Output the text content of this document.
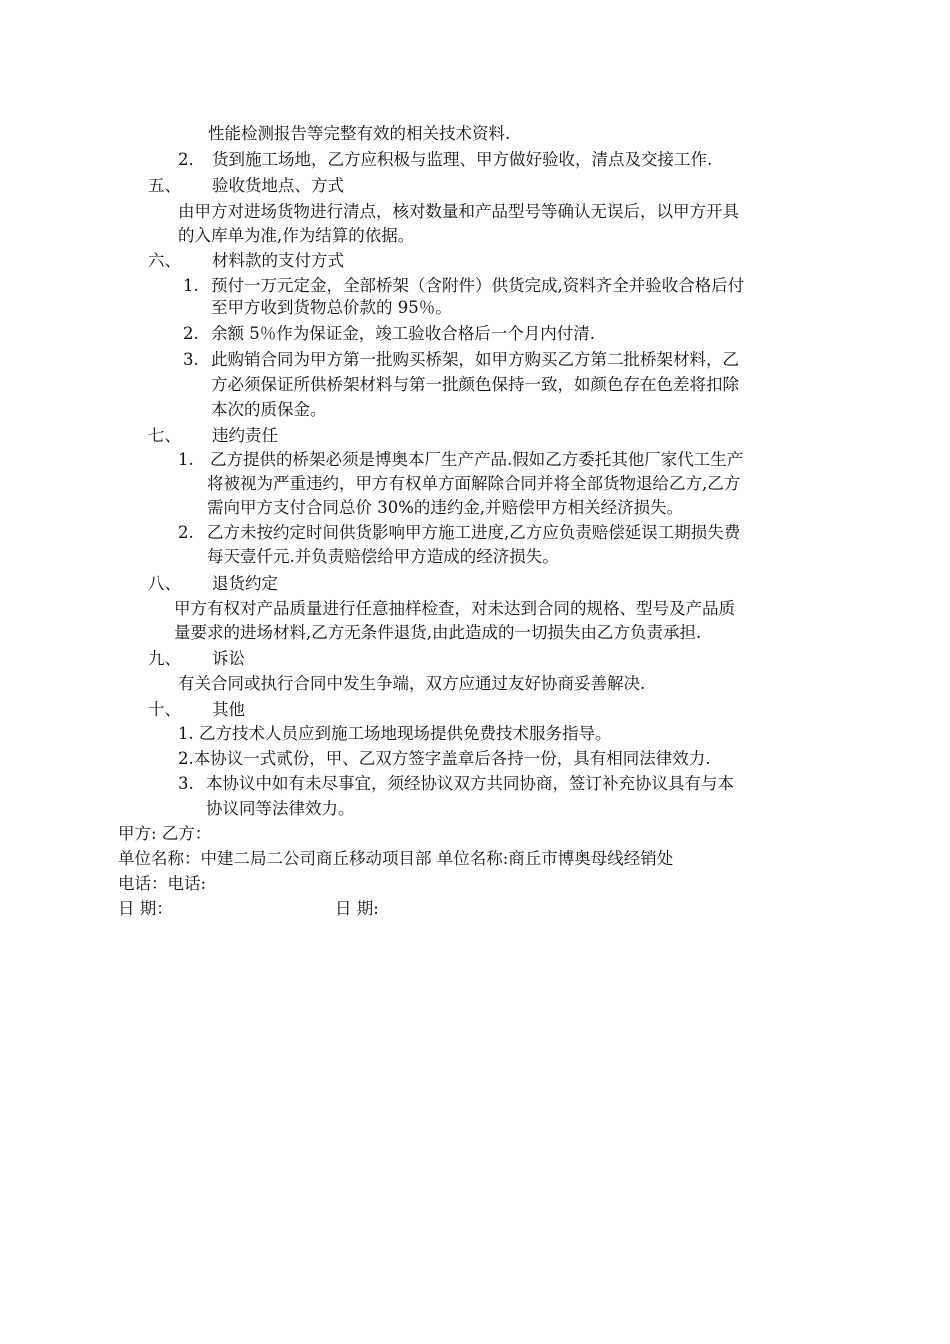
性能检测报告等完整有效的相关技术资料.
2． 货到施工场地，乙方应积极与监理、甲方做好验收，清点及交接工作.
五、 验收货地点、方式
由甲方对进场货物进行清点，核对数量和产品型号等确认无误后，以甲方开具
的入库单为准,作为结算的依据。
六、 材料款的支付方式
1. 预付一万元定金，全部桥架（含附件）供货完成,资料齐全并验收合格后付
至甲方收到货物总价款的 95％。
2. 余额 5％作为保证金，竣工验收合格后一个月内付清.
3. 此购销合同为甲方第一批购买桥架，如甲方购买乙方第二批桥架材料，乙
方必须保证所供桥架材料与第一批颜色保持一致，如颜色存在色差将扣除
本次的质保金。
七、 违约责任
1. 乙方提供的桥架必须是博奥本厂生产产品.假如乙方委托其他厂家代工生产
将被视为严重违约，甲方有权单方面解除合同并将全部货物退给乙方,乙方
需向甲方支付合同总价 30%的违约金,并赔偿甲方相关经济损失。
2. 乙方未按约定时间供货影响甲方施工进度,乙方应负责赔偿延误工期损失费
每天壹仟元.并负责赔偿给甲方造成的经济损失。
八、 退货约定
甲方有权对产品质量进行任意抽样检查，对未达到合同的规格、型号及产品质
量要求的进场材料,乙方无条件退货,由此造成的一切损失由乙方负责承担.
九、 诉讼
有关合同或执行合同中发生争端，双方应通过友好协商妥善解决.
十、 其他
1. 乙方技术人员应到施工场地现场提供免费技术服务指导。
2.本协议一式贰份，甲、乙双方签字盖章后各持一份，具有相同法律效力.
3. 本协议中如有未尽事宜，须经协议双方共同协商，签订补充协议具有与本
协议同等法律效力。
甲方: 乙方：
单位名称：中建二局二公司商丘移动项目部 单位名称:商丘市博奥母线经销处
电话：电话:
日 期：	日 期:
